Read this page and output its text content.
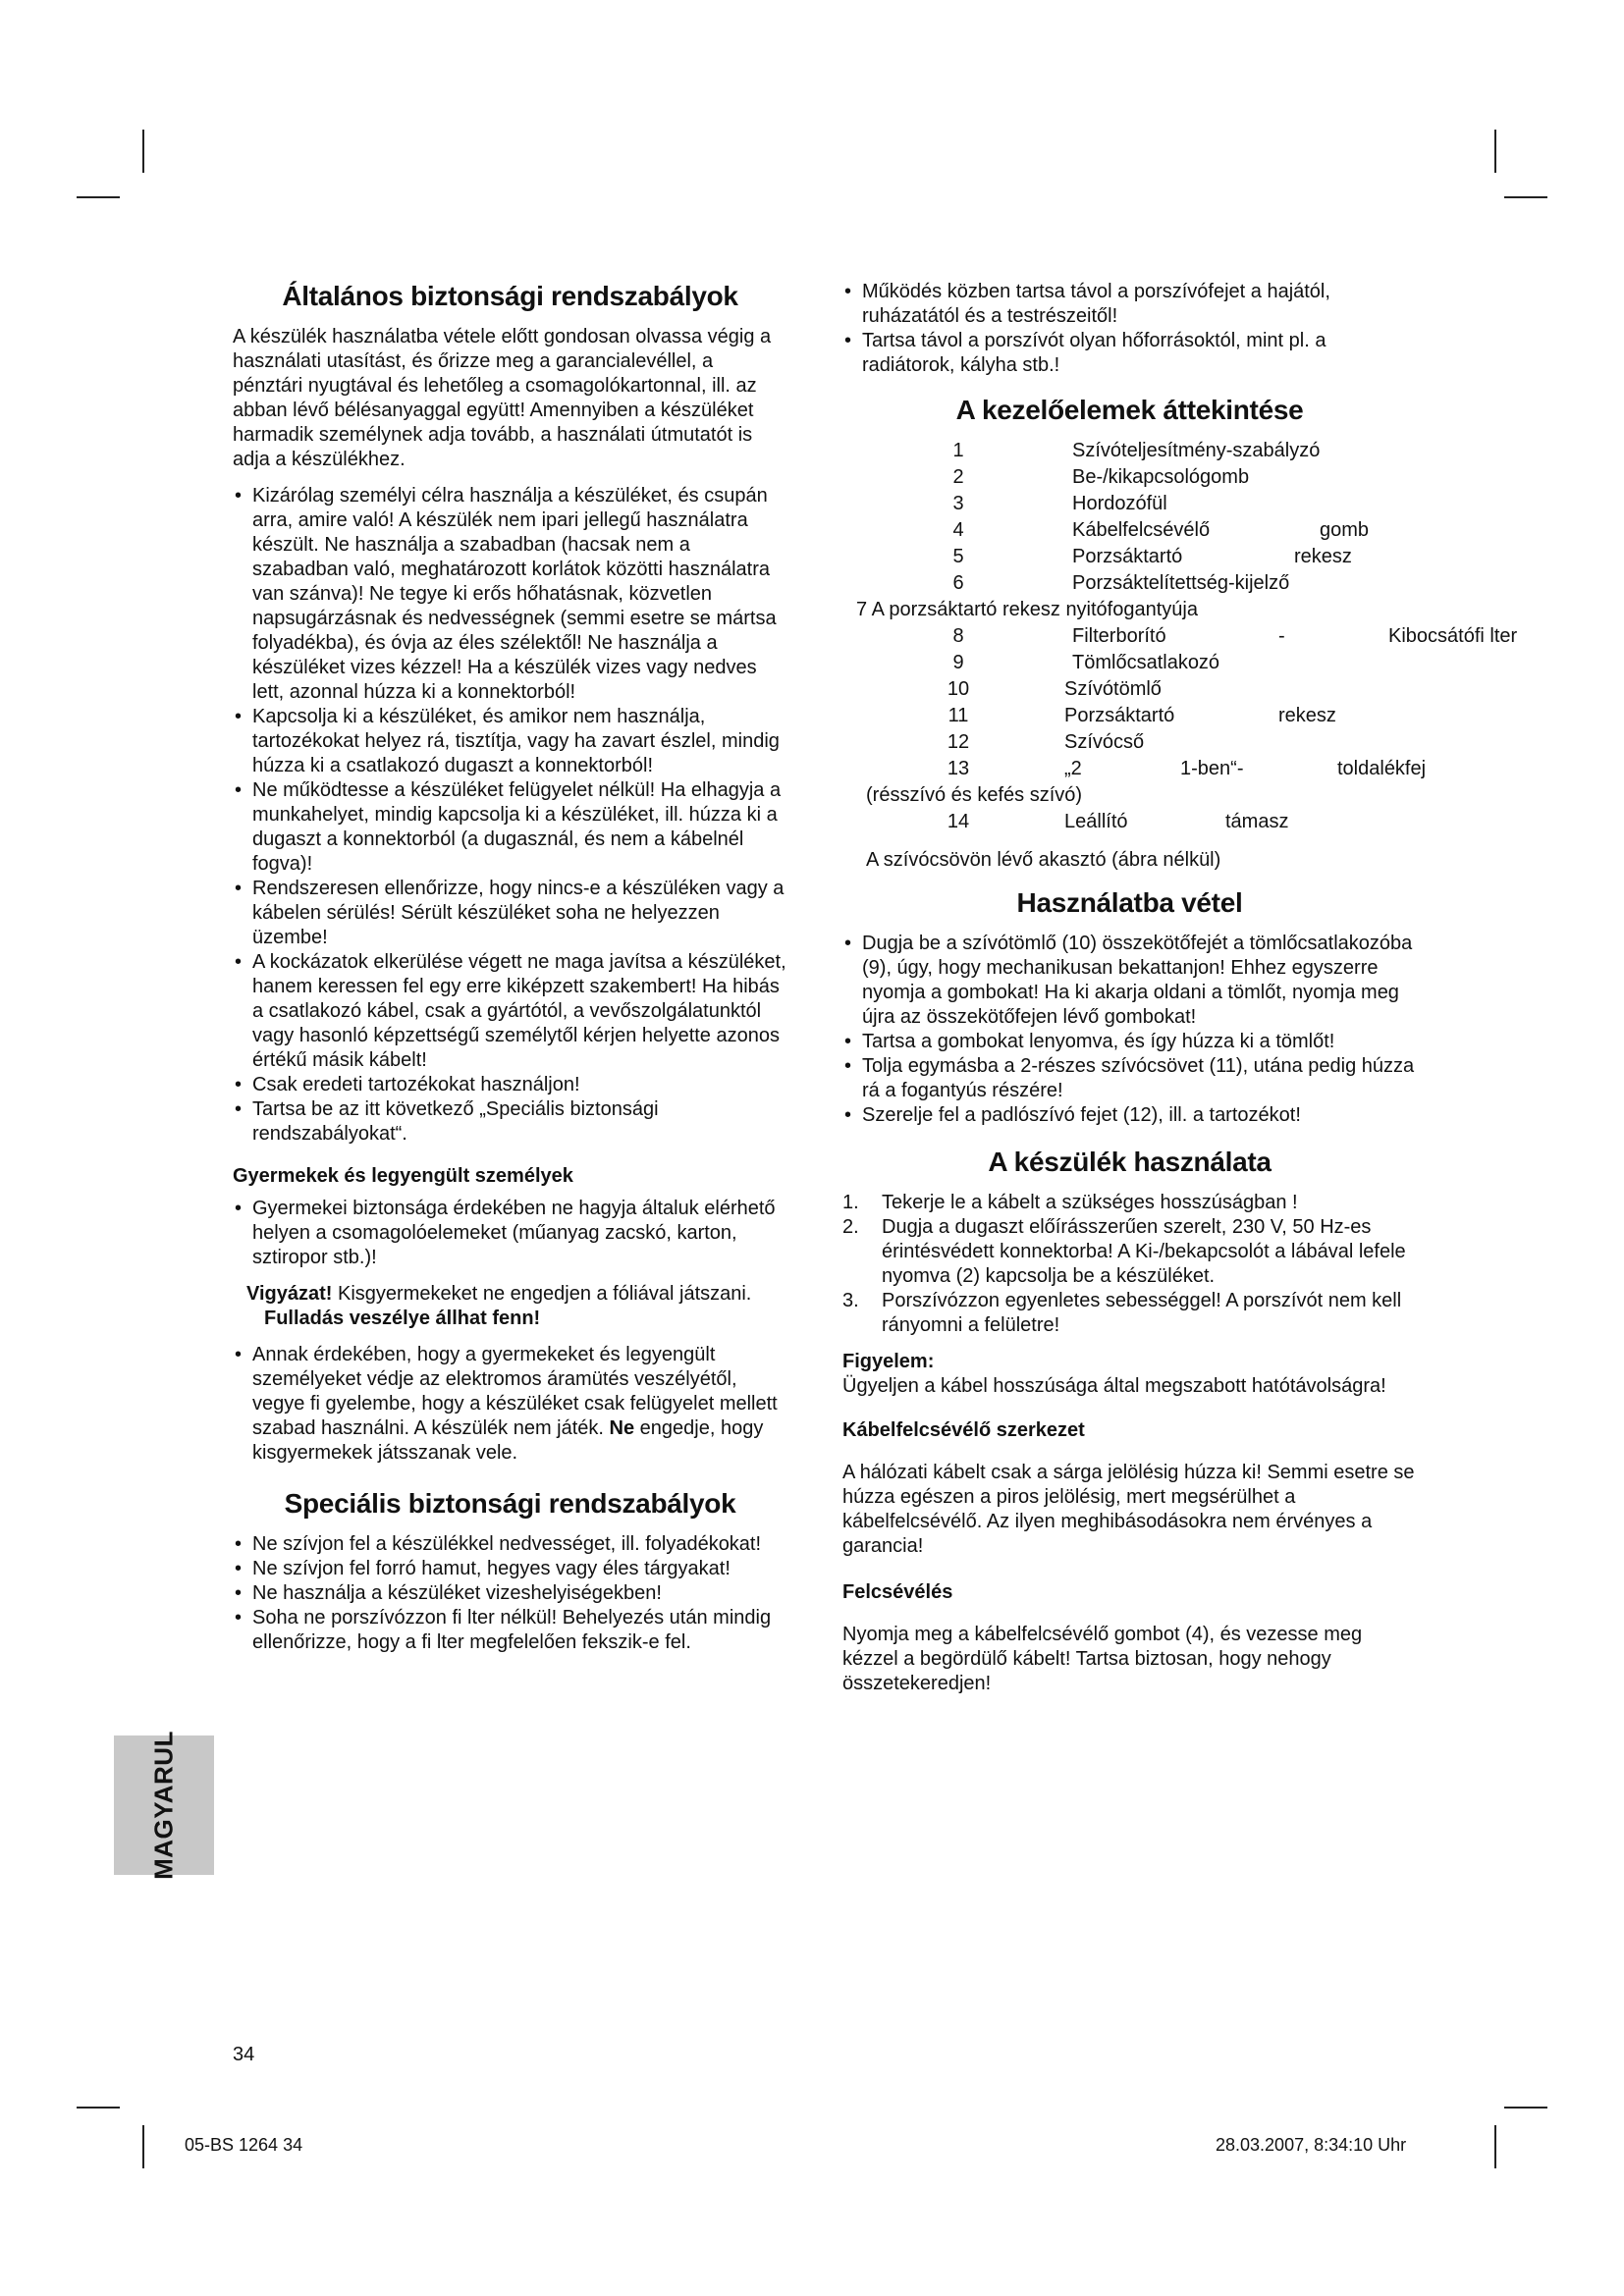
Általános biztonsági rendszabályok

A készülék használatba vétele előtt gondosan olvassa végig a használati utasítást, és őrizze meg a garancialevéllel, a pénztári nyugtával és lehetőleg a csomagolókartonnal, ill. az abban lévő bélésanyaggal együtt! Amennyiben a készüléket harmadik személynek adja tovább, a használati útmutatót is adja a készülékhez.

• Kizárólag személyi célra használja a készüléket, és csupán arra, amire való! A készülék nem ipari jellegű használatra készült. Ne használja a szabadban (hacsak nem a szabadban való, meghatározott korlátok közötti használatra van szánva)! Ne tegye ki erős hőhatásnak, közvetlen napsugárzásnak és nedvességnek (semmi esetre se mártsa folyadékba), és óvja az éles szélektől! Ne használja a készüléket vizes kézzel! Ha a készülék vizes vagy nedves lett, azonnal húzza ki a konnektorból!
• Kapcsolja ki a készüléket, és amikor nem használja, tartozékokat helyez rá, tisztítja, vagy ha zavart észlel, mindig húzza ki a csatlakozó dugaszt a konnektorból!
• Ne működtesse a készüléket felügyelet nélkül! Ha elhagyja a munkahelyet, mindig kapcsolja ki a készüléket, ill. húzza ki a dugaszt a konnektorból (a dugasznál, és nem a kábelnél fogva)!
• Rendszeresen ellenőrizze, hogy nincs-e a készüléken vagy a kábelen sérülés! Sérült készüléket soha ne helyezzen üzembe!
• A kockázatok elkerülése végett ne maga javítsa a készüléket, hanem keressen fel egy erre kiképzett szakembert! Ha hibás a csatlakozó kábel, csak a gyártótól, a vevőszolgálatunktól vagy hasonló képzettségű személytől kérjen helyette azonos értékű másik kábelt!
• Csak eredeti tartozékokat használjon!
• Tartsa be az itt következő „Speciális biztonsági rendszabályokat“.
Gyermekek és legyengült személyek
• Gyermekei biztonsága érdekében ne hagyja általuk elérhető helyen a csomagolóelemeket (műanyag zacskó, karton, sztiropor stb.)!
Vigyázat! Kisgyermekeket ne engedjen a fóliával játszani.
Fulladás veszélye állhat fenn!
• Annak érdekében, hogy a gyermekeket és legyengült személyeket védje az elektromos áramütés veszélyétől, vegye fi gyelembe, hogy a készüléket csak felügyelet mellett szabad használni. A készülék nem játék. Ne engedje, hogy kisgyermekek játsszanak vele.
Speciális biztonsági rendszabályok
• Ne szívjon fel a készülékkel nedvességet, ill. folyadékokat!
• Ne szívjon fel forró hamut, hegyes vagy éles tárgyakat!
• Ne használja a készüléket vizeshelyiségekben!
• Soha ne porszívózzon fi lter nélkül! Behelyezés után mindig ellenőrizze, hogy a fi lter megfelelően fekszik-e fel.
• Működés közben tartsa távol a porszívófejet a hajától, ruházatától és a testrészeitől!
• Tartsa távol a porszívót olyan hőforrásoktól, mint pl. a radiátorok, kályha stb.!
A kezelőelemek áttekintése
1	Szívóteljesítmény-szabályzó
2	Be-/kikapcsológomb
3	Hordozófül
4	Kábelfelcsévélő	gomb
5	Porzsáktartó	rekesz
6	Porzsáktelítettség-kijelző
7 A porzsáktartó rekesz nyitófogantyúja
8	Filterborító	-	Kibocsátófi lter
9	Tömlőcsatlakozó
10	Szívótömlő
11	Porzsáktartó	rekesz
12	Szívócső
13	„2	1-ben“-	toldalékfej
(résszívó és kefés szívó)
14	Leállító	támasz

A szívócsövön lévő akasztó (ábra nélkül)

Használatba vétel
• Dugja be a szívótömlő (10) összekötőfejét a tömlőcsatlakozóba (9), úgy, hogy mechanikusan bekattanjon! Ehhez egyszerre nyomja a gombokat! Ha ki akarja oldani a tömlőt, nyomja meg újra az összekötőfejen lévő gombokat!
• Tartsa a gombokat lenyomva, és így húzza ki a tömlőt!
• Tolja egymásba a 2-részes szívócsövet (11), utána pedig húzza rá a fogantyús részére!
• Szerelje fel a padlószívó fejet (12), ill. a tartozékot!
A készülék használata
1. Tekerje le a kábelt a szükséges hosszúságban !
2. Dugja a dugaszt előírásszerűen szerelt, 230 V, 50 Hz-es érintésvédett konnektorba! A Ki-/bekapcsolót a lábával lefele nyomva (2) kapcsolja be a készüléket.
3. Porszívózzon egyenletes sebességgel! A porszívót nem kell rányomni a felületre!
Figyelem:

Ügyeljen a kábel hosszúsága által megszabott hatótávolságra!

Kábelfelcsévélő szerkezet

A hálózati kábelt csak a sárga jelölésig húzza ki! Semmi esetre se húzza egészen a piros jelölésig, mert megsérülhet a kábelfelcsévélő. Az ilyen meghibásodásokra nem érvényes a garancia!

Felcsévélés

Nyomja meg a kábelfelcsévélő gombot (4), és vezesse meg kézzel a begördülő kábelt! Tartsa biztosan, hogy nehogy összetekeredjen!

MAGYARUL
34
05-BS 1264 34	28.03.2007, 8:34:10 Uhr
